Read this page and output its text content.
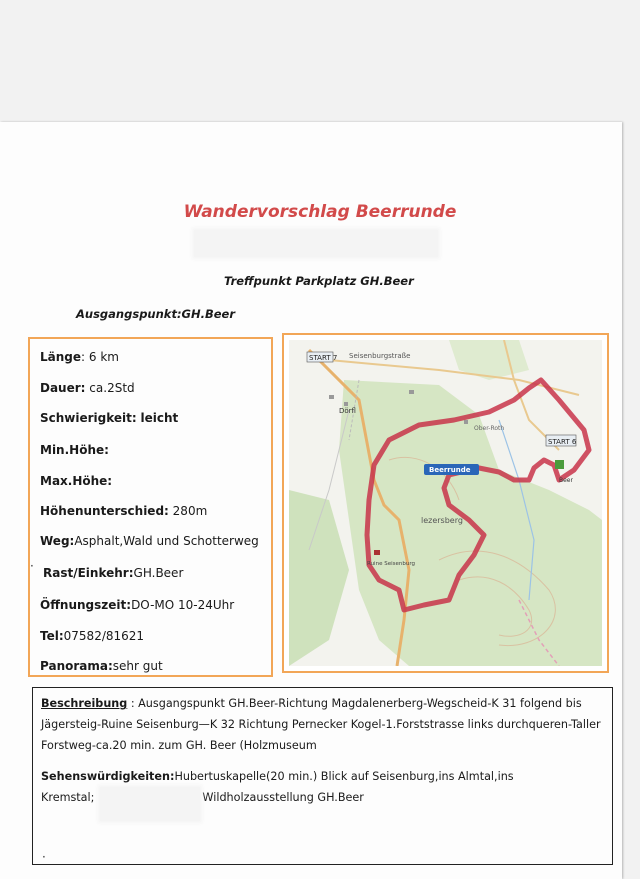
Wandervorschlag Beerrunde
Treffpunkt Parkplatz GH.Beer
Ausgangspunkt:GH.Beer
Länge: 6 km
Dauer: ca.2Std
Schwierigkeit: leicht
Min.Höhe:
Max.Höhe:
Höhenunterschied: 280m
Weg:Asphalt,Wald und Schotterweg
Rast/Einkehr:GH.Beer
Öffnungszeit:DO-MO 10-24Uhr
Tel:07582/81621
Panorama:sehr gut
·
START 6
START 7
Beerrunde
Seisenburgstraße
Dörfl
lezersberg
Ruine Seisenburg
Ober-Roth
Beer
Beschreibung : Ausgangspunkt GH.Beer-Richtung Magdalenerberg-Wegscheid-K 31 folgend bis Jägersteig-Ruine Seisenburg—K 32 Richtung Pernecker Kogel-1.Forststrasse links durchqueren-Taller Forstweg-ca.20 min. zum GH. Beer (Holzmuseum
Sehenswürdigkeiten:Hubertuskapelle(20 min.) Blick auf Seisenburg,ins Almtal,ins
Kremstal;	Wildholzausstellung GH.Beer
·
